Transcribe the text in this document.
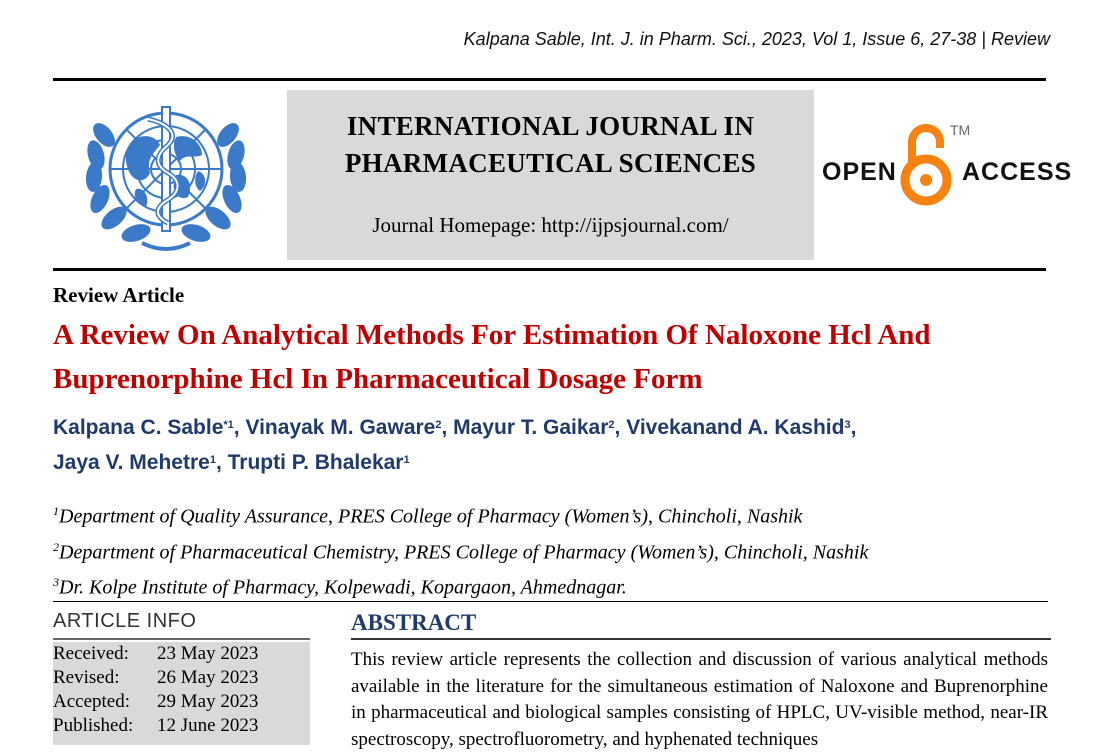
Kalpana Sable, Int. J. in Pharm. Sci., 2023, Vol 1, Issue 6, 27-38 | Review
INTERNATIONAL JOURNAL IN
PHARMACEUTICAL SCIENCES
Journal Homepage: http://ijpsjournal.com/
OPEN
TM
ACCESS
Review Article
A Review On Analytical Methods For Estimation Of Naloxone Hcl And
Buprenorphine Hcl In Pharmaceutical Dosage Form
Kalpana C. Sable$^{*1}$, Vinayak M. Gaware$^2$, Mayur T. Gaikar$^2$, Vivekanand A. Kashid$^3$,
Jaya V. Mehetre$^1$, Trupti P. Bhalekar$^1$
$^1$Department of Quality Assurance, PRES College of Pharmacy (Women’s), Chincholi, Nashik
$^2$Department of Pharmaceutical Chemistry, PRES College of Pharmacy (Women’s), Chincholi, Nashik
$^3$Dr. Kolpe Institute of Pharmacy, Kolpewadi, Kopargaon, Ahmednagar.
ARTICLE INFO
Received: 23 May 2023
Revised: 26 May 2023
Accepted: 29 May 2023
Published: 12 June 2023
ABSTRACT
This review article represents the collection and discussion of various analytical methods available in the literature for the simultaneous estimation of Naloxone and Buprenorphine in pharmaceutical and biological samples consisting of HPLC, UV-visible method, near-IR spectroscopy, spectrofluorometry, and hyphenated techniques
